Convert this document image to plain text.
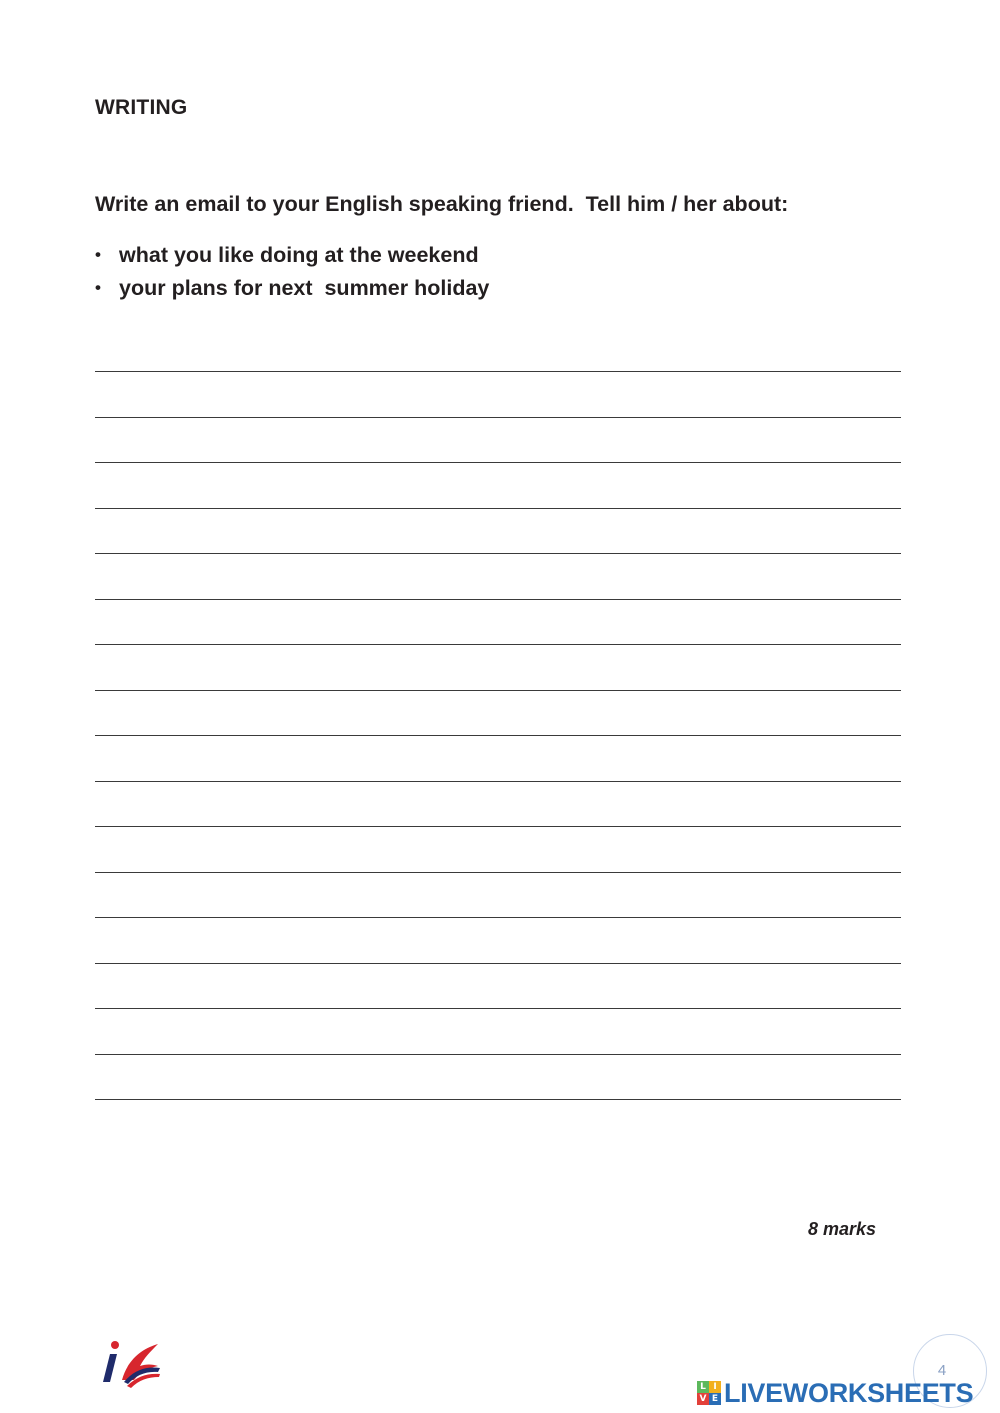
WRITING

Write an email to your English speaking friend.  Tell him / her about:

• what you like doing at the weekend
• your plans for next  summer holiday

8 marks

4
L I
V E LIVEWORKSHEETS
